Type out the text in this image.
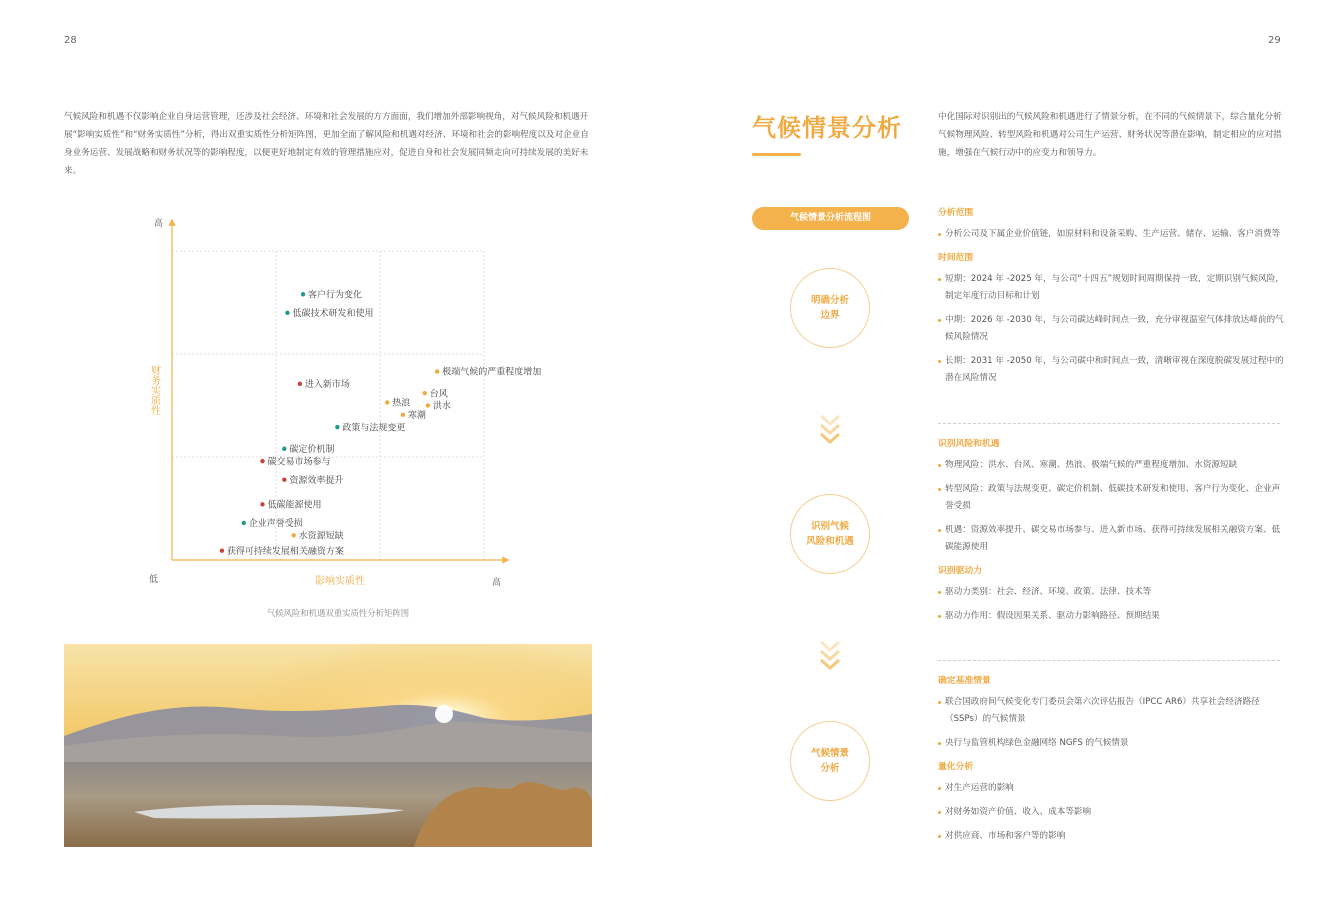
28	29

气候风险和机遇不仅影响企业自身运营管理，还涉及社会经济、环境和社会发展的方方面面，我们增加外部影响视角，对气候风险和机遇开展“影响实质性”和“财务实质性”分析，得出双重实质性分析矩阵图，更加全面了解风险和机遇对经济、环境和社会的影响程度以及对企业自身业务运营、发展战略和财务状况等的影响程度，以便更好地制定有效的管理措施应对，促进自身和社会发展同频走向可持续发展的美好未来。

高
低	高
影响实质性
财务实质性
客户行为变化
低碳技术研发和使用
极端气候的严重程度增加
进入新市场
台风
热浪	洪水
寒潮
政策与法规变更
碳定价机制
碳交易市场参与
资源效率提升
低碳能源使用
企业声誉受损
水资源短缺
获得可持续发展相关融资方案
气候风险和机遇双重实质性分析矩阵图
气候情景分析	中化国际对识别出的气候风险和机遇进行了情景分析，在不同的气候情景下，综合量化分析气候物理风险、转型风险和机遇对公司生产运营、财务状况等潜在影响，制定相应的应对措施，增强在气候行动中的应变力和领导力。

气候情景分析流程图
明确分析
边界
识别气候
风险和机遇
气候情景
分析
分析范围
分析公司及下属企业价值链，如原材料和设备采购、生产运营、储存、运输、客户消费等
时间范围
短期：2024 年 -2025 年，与公司“十四五”规划时间周期保持一致，定期识别气候风险，制定年度行动目标和计划
中期：2026 年 -2030 年，与公司碳达峰时间点一致，充分审视温室气体排放达峰前的气候风险情况
长期：2031 年 -2050 年，与公司碳中和时间点一致，清晰审视在深度脱碳发展过程中的潜在风险情况
识别风险和机遇
物理风险：洪水、台风、寒潮、热浪、极端气候的严重程度增加、水资源短缺
转型风险：政策与法规变更、碳定价机制、低碳技术研发和使用、客户行为变化、企业声誉受损
机遇：资源效率提升、碳交易市场参与、进入新市场、获得可持续发展相关融资方案、低碳能源使用
识别驱动力
驱动力类别：社会、经济、环境、政策、法律、技术等
驱动力作用：假设因果关系、驱动力影响路径、预期结果
确定基准情景
联合国政府间气候变化专门委员会第六次评估报告（IPCC AR6）共享社会经济路径（SSPs）的气候情景
央行与监管机构绿色金融网络 NGFS 的气候情景
量化分析
对生产运营的影响
对财务如资产价值、收入、成本等影响
对供应商、市场和客户等的影响
